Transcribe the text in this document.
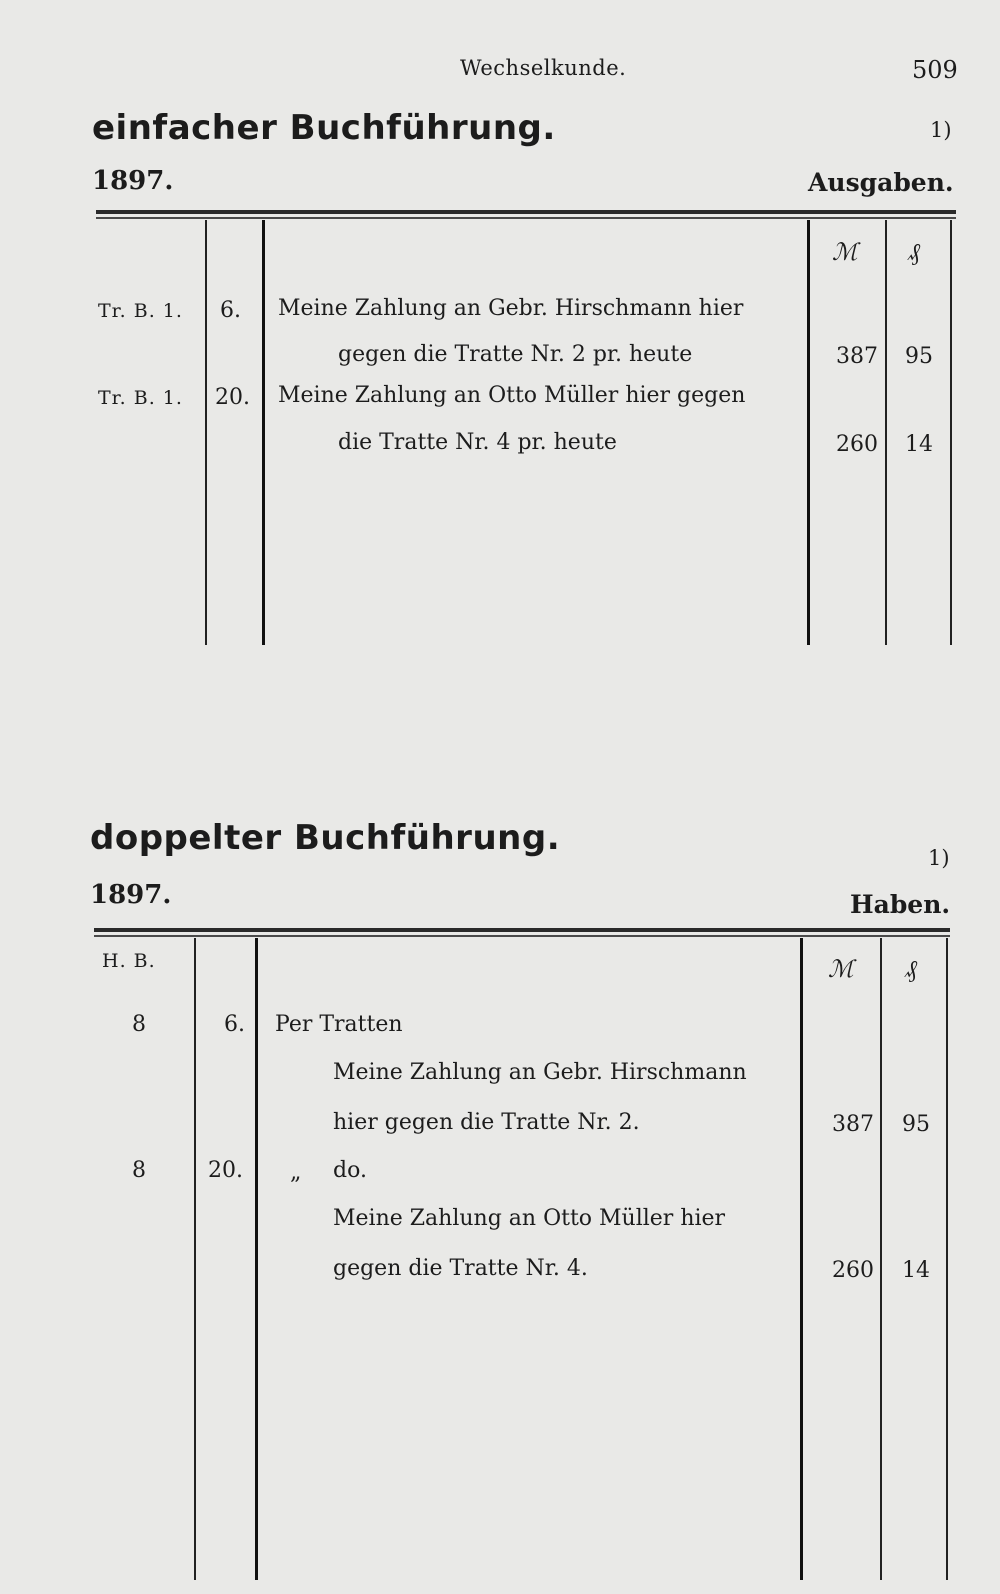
Wechselkunde.	509
einfacher Buchführung.	1)
1897.	Ausgaben.
ℳ ₰
Tr. B. 1. 6. Meine Zahlung an Gebr. Hirschmann hier
gegen die Tratte Nr. 2 pr. heute	387	95
Tr. B. 1. 20. Meine Zahlung an Otto Müller hier gegen
die Tratte Nr. 4 pr. heute	260	14
doppelter Buchführung.	1)
1897.	Haben.
H. B.	ℳ ₰
8	6. Per Tratten
Meine Zahlung an Gebr. Hirschmann
hier gegen die Tratte Nr. 2.	387	95
8	20. „ do.
Meine Zahlung an Otto Müller hier
gegen die Tratte Nr. 4.	260	14
